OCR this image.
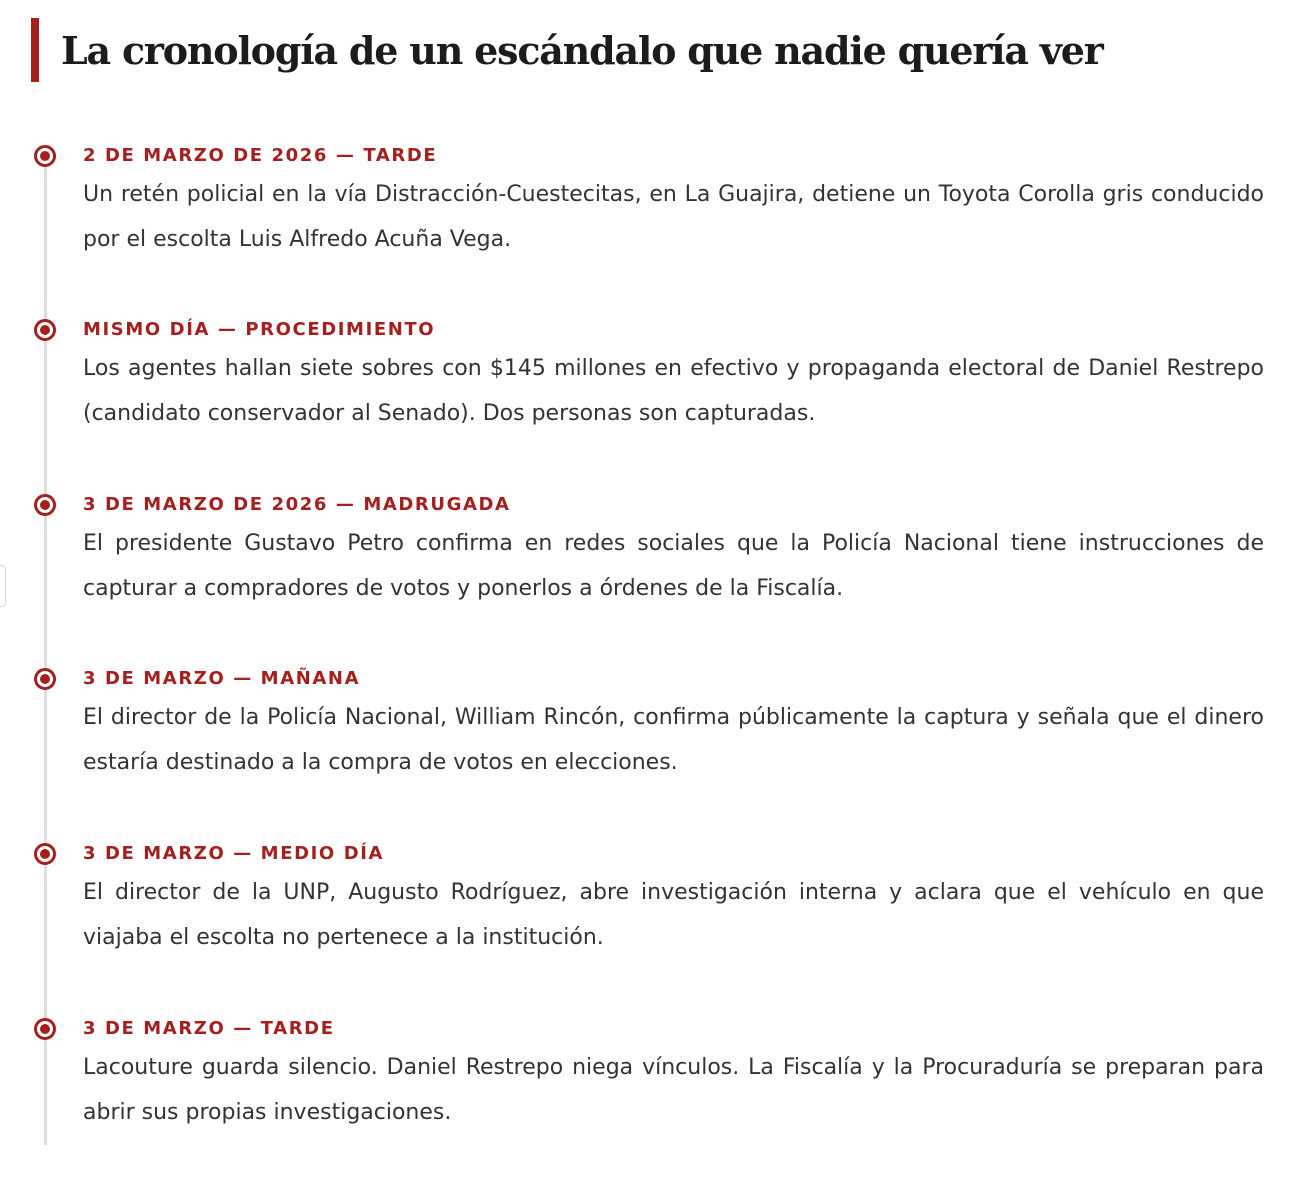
La cronología de un escándalo que nadie quería ver
2 DE MARZO DE 2026 — TARDE

Un retén policial en la vía Distracción-Cuestecitas, en La Guajira, detiene un Toyota Corolla gris conducido por el escolta Luis Alfredo Acuña Vega.

MISMO DÍA — PROCEDIMIENTO

Los agentes hallan siete sobres con $145 millones en efectivo y propaganda electoral de Daniel Restrepo (candidato conservador al Senado). Dos personas son capturadas.

3 DE MARZO DE 2026 — MADRUGADA

El presidente Gustavo Petro confirma en redes sociales que la Policía Nacional tiene instrucciones de capturar a compradores de votos y ponerlos a órdenes de la Fiscalía.

3 DE MARZO — MAÑANA

El director de la Policía Nacional, William Rincón, confirma públicamente la captura y señala que el dinero estaría destinado a la compra de votos en elecciones.

3 DE MARZO — MEDIO DÍA

El director de la UNP, Augusto Rodríguez, abre investigación interna y aclara que el vehículo en que viajaba el escolta no pertenece a la institución.

3 DE MARZO — TARDE

Lacouture guarda silencio. Daniel Restrepo niega vínculos. La Fiscalía y la Procuraduría se preparan para abrir sus propias investigaciones.
